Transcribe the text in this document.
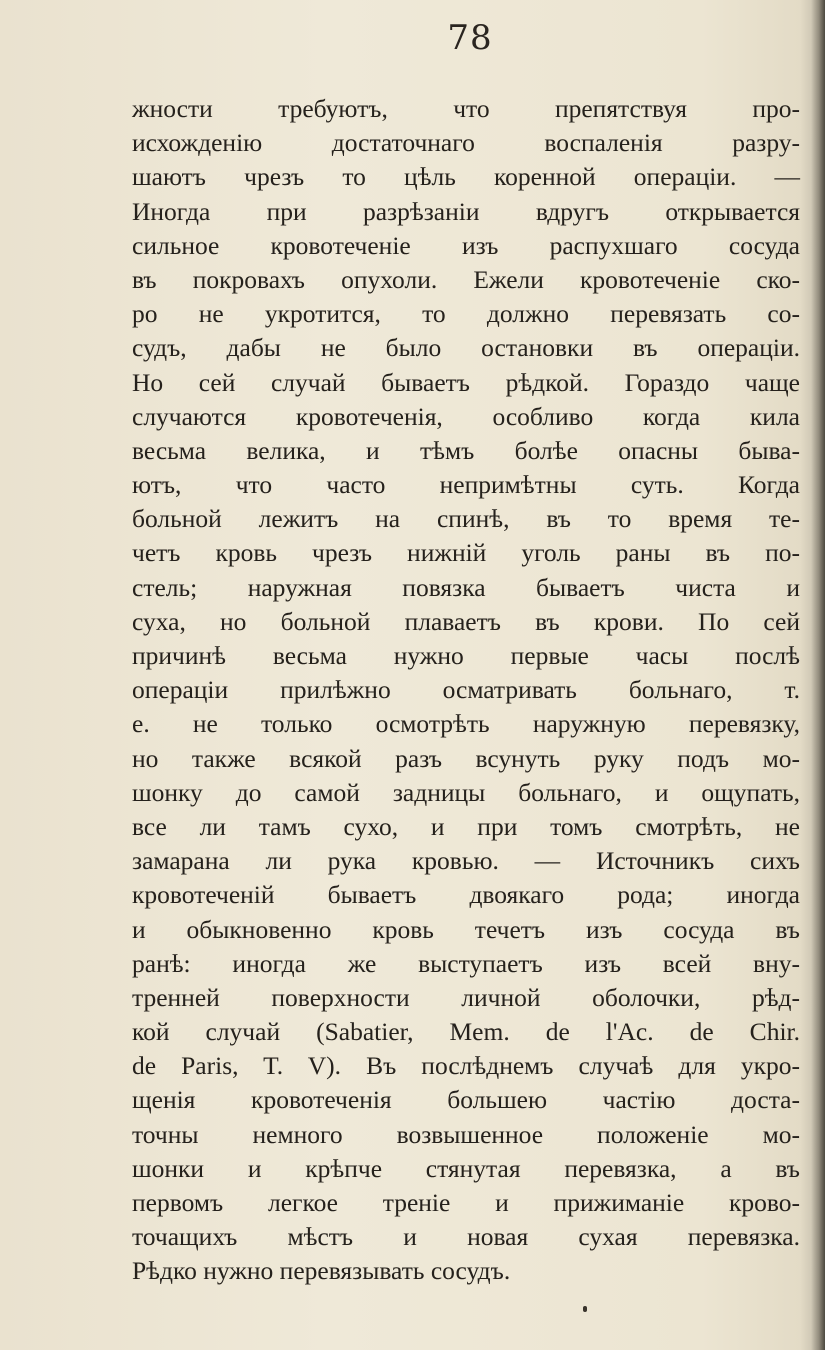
78
жности требуютъ, что препятствуя про-
исхожденію достаточнаго воспаленія разру-
шаютъ чрезъ то цѣль коренной операціи. —
Иногда при разрѣзаніи вдругъ открывается
сильное кровотеченіе изъ распухшаго сосуда
въ покровахъ опухоли. Ежели кровотеченіе ско-
ро не укротится, то должно перевязать со-
судъ, дабы не было остановки въ операціи.
Но сей случай бываетъ рѣдкой. Гораздо чаще
случаются кровотеченія, особливо когда кила
весьма велика, и тѣмъ болѣе опасны быва-
ютъ, что часто непримѣтны суть. Когда
больной лежитъ на спинѣ, въ то время те-
четъ кровь чрезъ нижній уголь раны въ по-
стель; наружная повязка бываетъ чиста и
суха, но больной плаваетъ въ крови. По сей
причинѣ весьма нужно первые часы послѣ
операціи прилѣжно осматривать больнаго, т.
е. не только осмотрѣть наружную перевязку,
но также всякой разъ всунуть руку подъ мо-
шонку до самой задницы больнаго, и ощупать,
все ли тамъ сухо, и при томъ смотрѣть, не
замарана ли рука кровью. — Источникъ сихъ
кровотеченій бываетъ двоякаго рода; иногда
и обыкновенно кровь течетъ изъ сосуда въ
ранѣ: иногда же выступаетъ изъ всей вну-
тренней поверхности личной оболочки, рѣд-
кой случай (Sabatier, Mem. de l'Ac. de Chir.
de Paris, T. V). Въ послѣднемъ случаѣ для укро-
щенія кровотеченія большею частію доста-
точны немного возвышенное положеніе мо-
шонки и крѣпче стянутая перевязка, а въ
первомъ легкое треніе и прижиманіе крово-
точащихъ мѣстъ и новая сухая перевязка.
Рѣдко нужно перевязывать сосудъ.
